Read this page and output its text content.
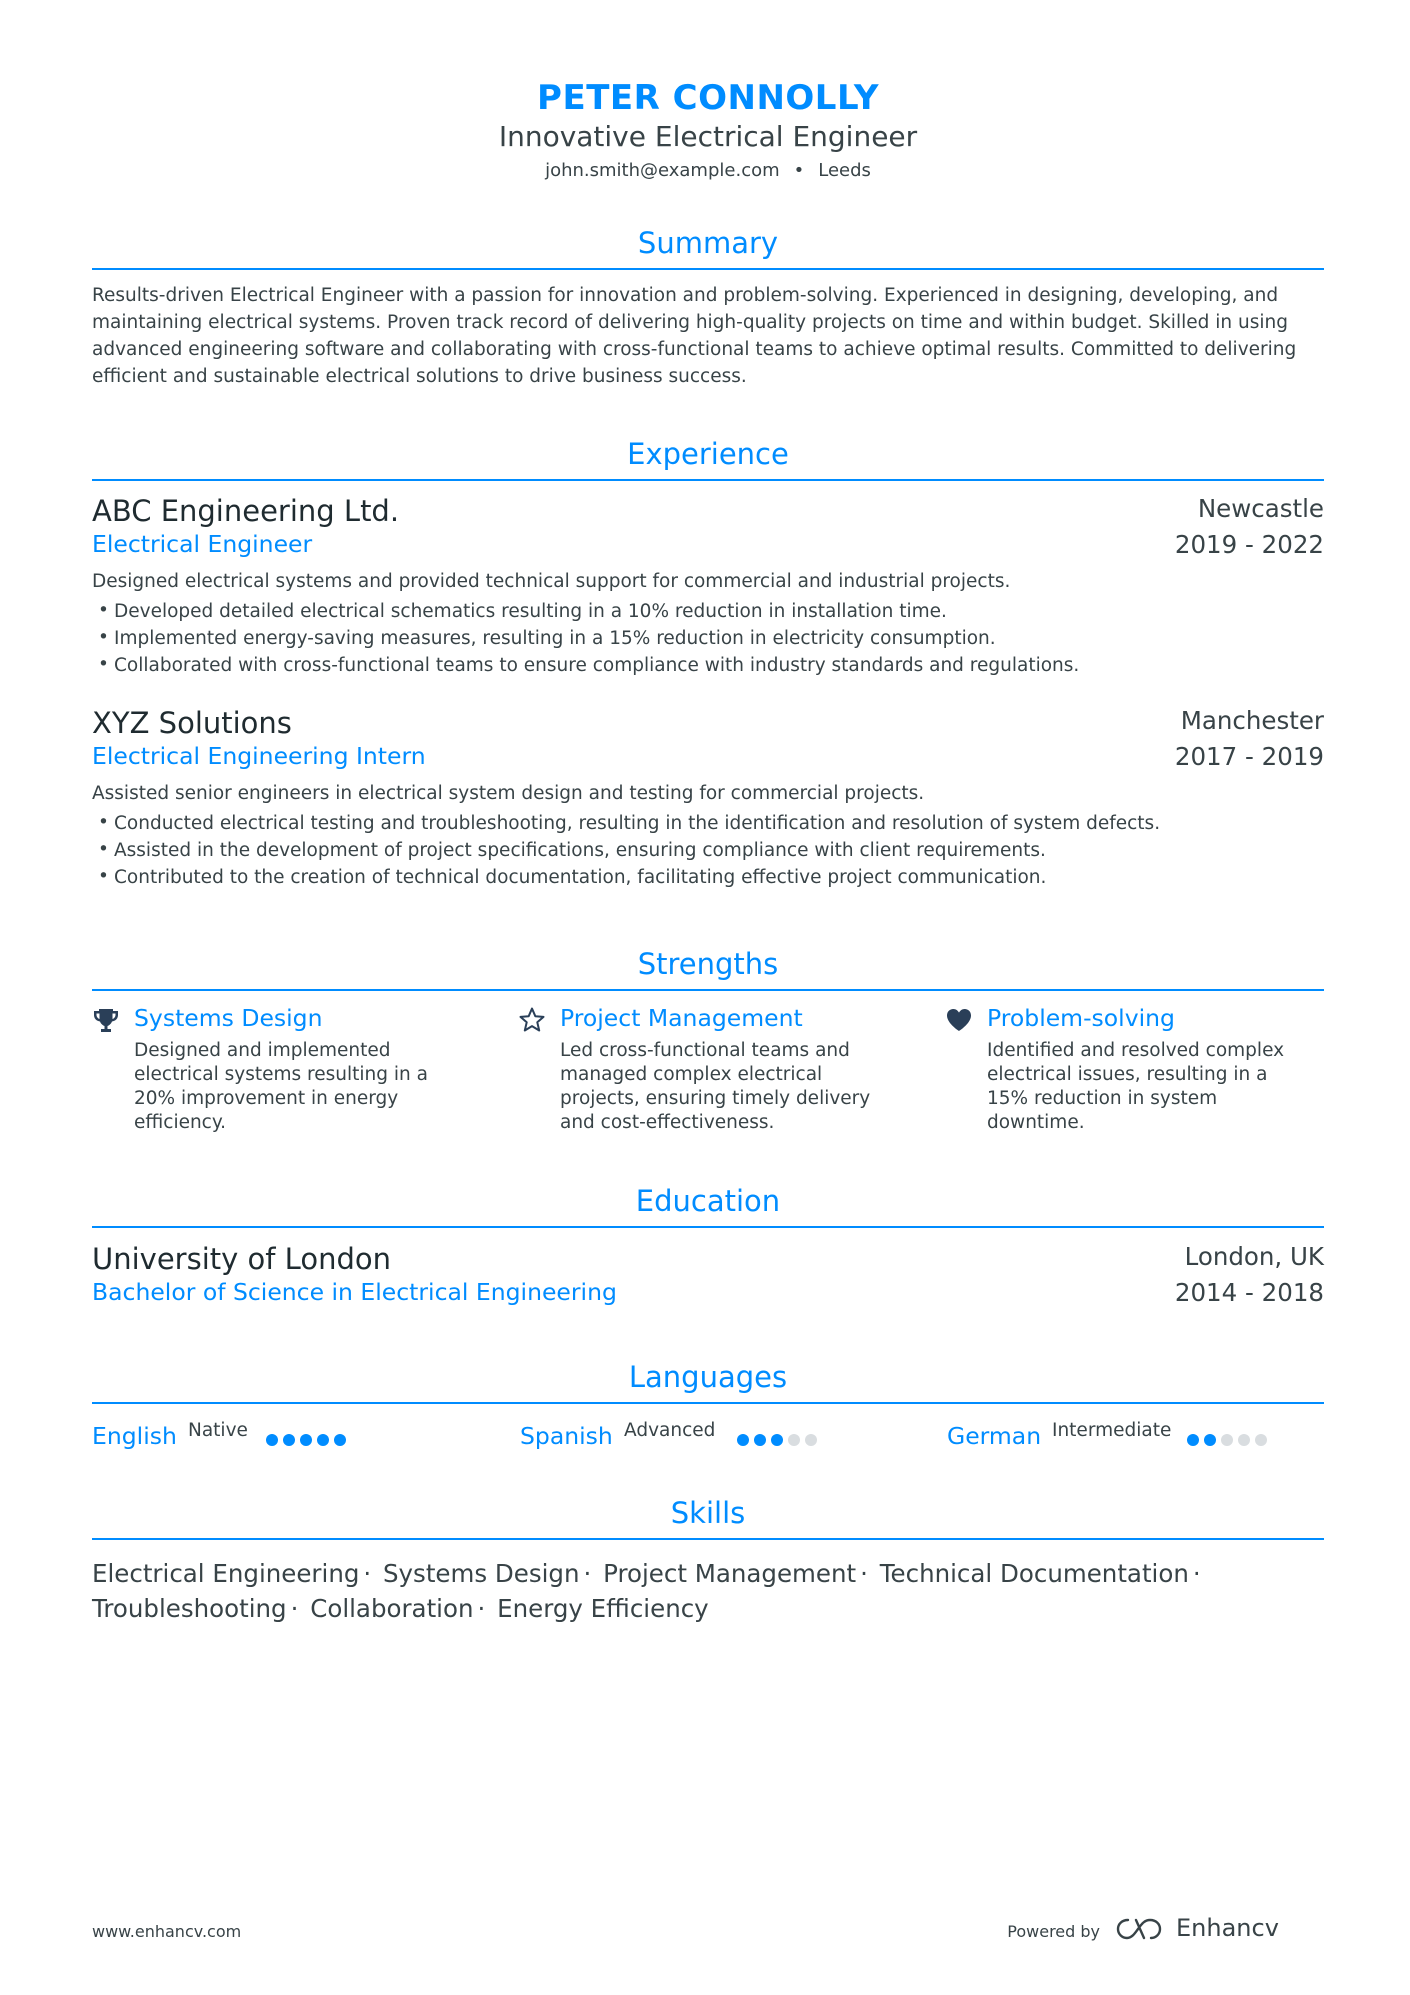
PETER CONNOLLY
Innovative Electrical Engineer
john.smith@example.com • Leeds
Summary
Results-driven Electrical Engineer with a passion for innovation and problem-solving. Experienced in designing, developing, and maintaining electrical systems. Proven track record of delivering high-quality projects on time and within budget. Skilled in using advanced engineering software and collaborating with cross-functional teams to achieve optimal results. Committed to delivering efficient and sustainable electrical solutions to drive business success.
Experience
ABC Engineering Ltd.	Newcastle
Electrical Engineer	2019 - 2022
Designed electrical systems and provided technical support for commercial and industrial projects.
• Developed detailed electrical schematics resulting in a 10% reduction in installation time.
• Implemented energy-saving measures, resulting in a 15% reduction in electricity consumption.
• Collaborated with cross-functional teams to ensure compliance with industry standards and regulations.
XYZ Solutions	Manchester
Electrical Engineering Intern	2017 - 2019
Assisted senior engineers in electrical system design and testing for commercial projects.
• Conducted electrical testing and troubleshooting, resulting in the identification and resolution of system defects.
• Assisted in the development of project specifications, ensuring compliance with client requirements.
• Contributed to the creation of technical documentation, facilitating effective project communication.
Strengths
Systems Design
Designed and implemented electrical systems resulting in a 20% improvement in energy efficiency.
Project Management
Led cross-functional teams and managed complex electrical projects, ensuring timely delivery and cost-effectiveness.
Problem-solving
Identified and resolved complex electrical issues, resulting in a 15% reduction in system downtime.
Education
University of London	London, UK
Bachelor of Science in Electrical Engineering	2014 - 2018
Languages
English Native	Spanish Advanced	German Intermediate
Skills
Electrical Engineering · Systems Design · Project Management · Technical Documentation · Troubleshooting · Collaboration · Energy Efficiency
www.enhancv.com	Powered by	Enhancv
